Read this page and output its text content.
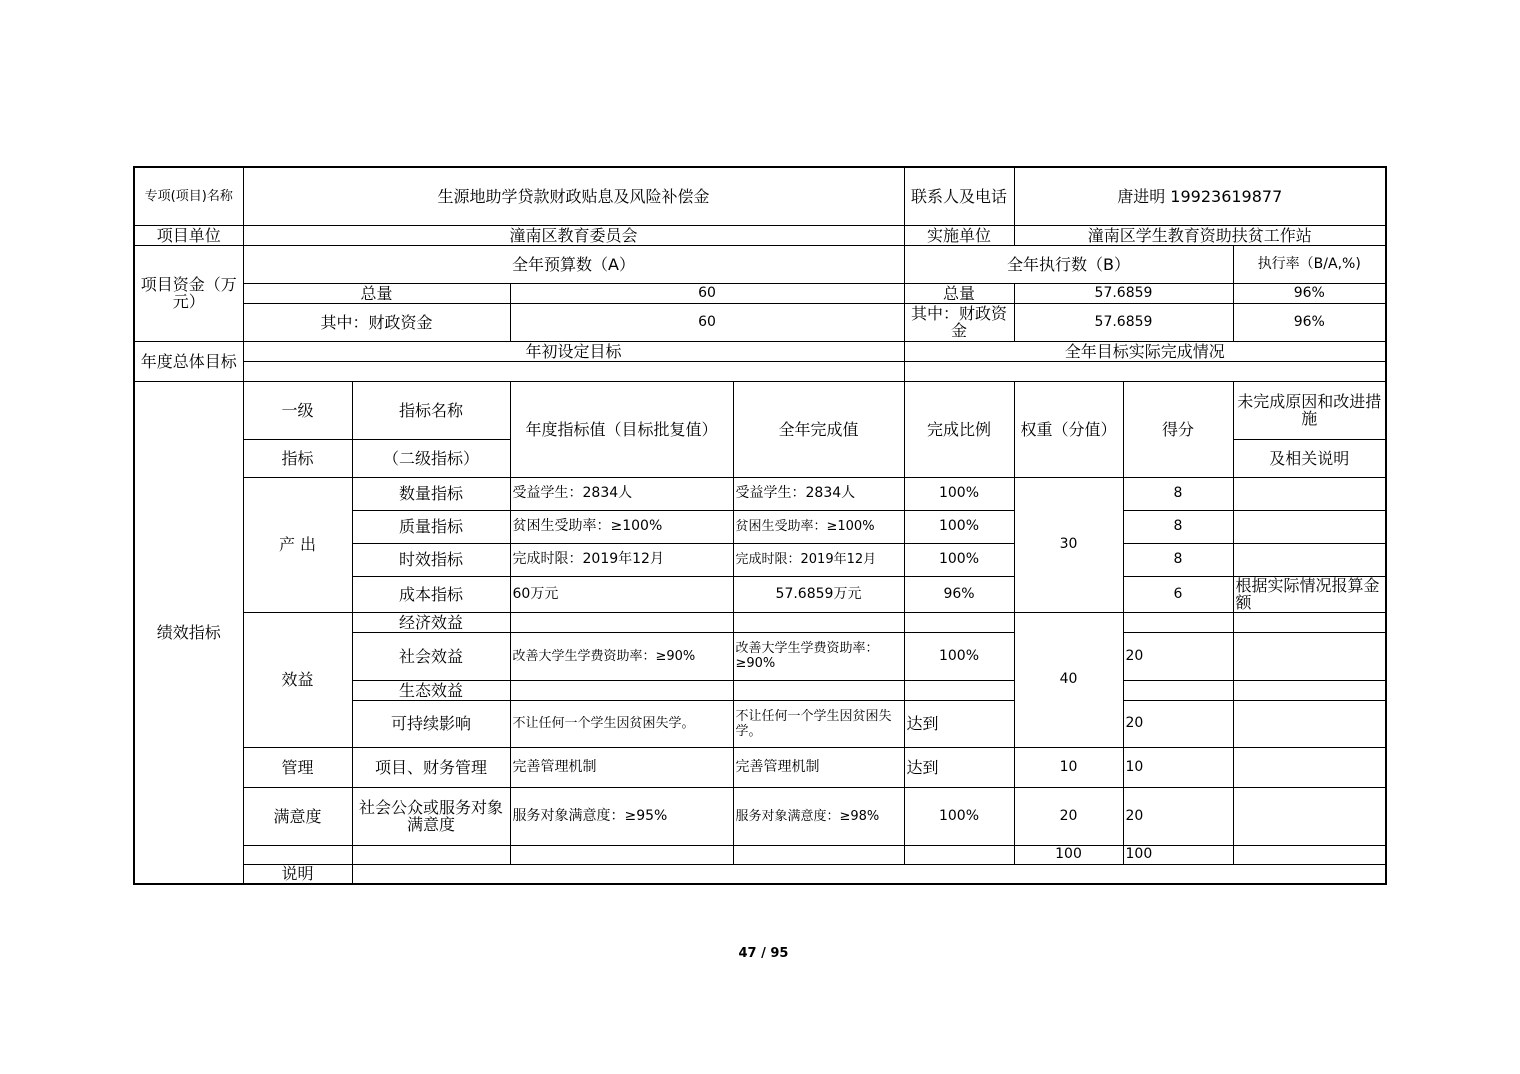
专项(项目)名称	生源地助学贷款财政贴息及风险补偿金				联系人及电话	唐进明 19923619877		
项目单位	潼南区教育委员会				实施单位	潼南区学生教育资助扶贫工作站		
项目资金（万元）	全年预算数（A）				全年执行数（B）			执行率（B/A,%)
	总量		60		总量	57.6859		96%
	其中：财政资金		60		其中：财政资金	57.6859		96%
年度总体目标	年初设定目标				全年目标实际完成情况			

绩效指标	一级	指标名称	年度指标值（目标批复值）	全年完成值	完成比例	权重（分值）	得分	未完成原因和改进措施
	指标	（二级指标）						及相关说明
	产 出	数量指标	受益学生：2834人	受益学生：2834人	100%	30	8	
		质量指标	贫困生受助率：≥100%	贫困生受助率：≥100%	100%		8	
		时效指标	完成时限：2019年12月	完成时限：2019年12月	100%		8	
		成本指标	60万元	57.6859万元	96%		6	根据实际情况报算金额
	效益	经济效益				40		
		社会效益	改善大学生学费资助率：≥90%	改善大学生学费资助率：≥90%	100%		20	
		生态效益						
		可持续影响	不让任何一个学生因贫困失学。	不让任何一个学生因贫困失学。	达到		20	
	管理	项目、财务管理	完善管理机制	完善管理机制	达到	10	10	
	满意度	社会公众或服务对象满意度	服务对象满意度：≥95%	服务对象满意度：≥98%	100%	20	20	
						100	100	
	说明							
47 / 95
